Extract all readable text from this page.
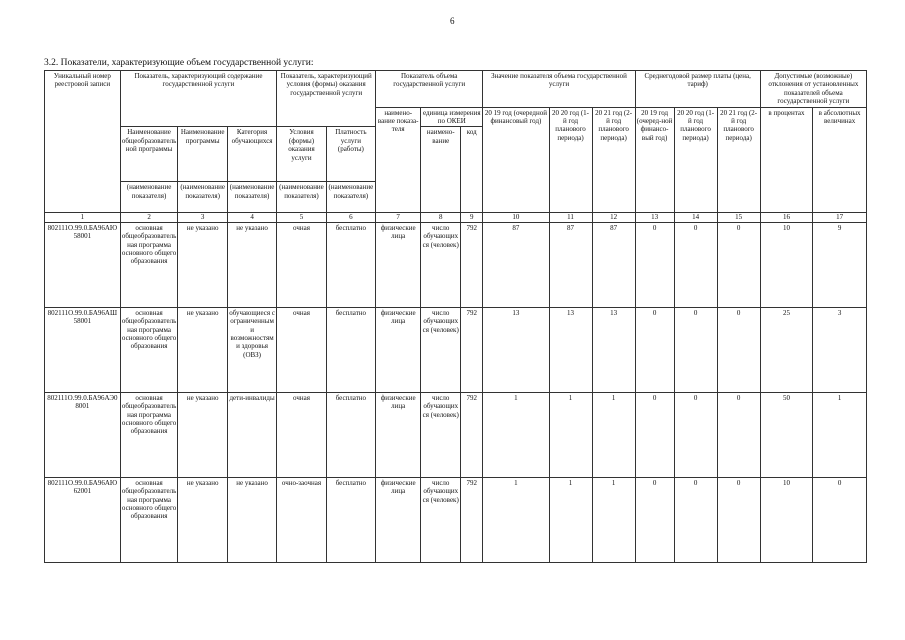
6
3.2. Показатели, характеризующие объем государственной услуги:
Уникальный номер реестровой записи	Показатель, характеризующий содержание государственной услуги			Показатель, характеризующий условия (формы) оказания государственной услуги		Показатель объема государственной услуги			Значение показателя объема государственной услуги			Среднегодовой размер платы (цена, тариф)			Допустимые (возможные) отклонения от установленных показателей объема государственной услуги	
						наимено-вание показа-теля	единица измерения по ОКЕИ		20 19 год (очередной финансовый год)	20 20 год (1-й год планового периода)	20 21 год (2-й год планового периода)	20 19 год (очеред-ной финансо-вый год)	20 20 год (1-й год планового периода)	20 21 год (2-й год планового периода)	в процентах	в абсолютных величинах
	Наименование общеобразовательной программы	Наименование программы	Категория обучающихся	Условия (формы) оказания услуги	Платность услуги (работы)		наимено-вание	код								
	(наименование показателя)	(наименование показателя)	(наименование показателя)	(наименование показателя)	(наименование показателя)											
1	2	3	4	5	6	7	8	9	10	11	12	13	14	15	16	17
802111О.99.0.БА96АЮ58001	основная общеобразовательная программа основного общего образования	не указано	не указано	очная	бесплатно	физические лица	число обучающихся (человек)	792	87	87	87	0	0	0	10	9
802111О.99.0.БА96АШ58001	основная общеобразовательная программа основного общего образования	не указано	обучающиеся с ограниченными возможностями здоровья (ОВЗ)	очная	бесплатно	физические лица	число обучающихся (человек)	792	13	13	13	0	0	0	25	3
802111О.99.0.БА96АЭ08001	основная общеобразовательная программа основного общего образования	не указано	дети-инвалиды	очная	бесплатно	физические лица	число обучающихся (человек)	792	1	1	1	0	0	0	50	1
802111О.99.0.БА96АЮ62001	основная общеобразовательная программа основного общего образования	не указано	не указано	очно-заочная	бесплатно	физические лица	число обучающихся (человек)	792	1	1	1	0	0	0	10	0
